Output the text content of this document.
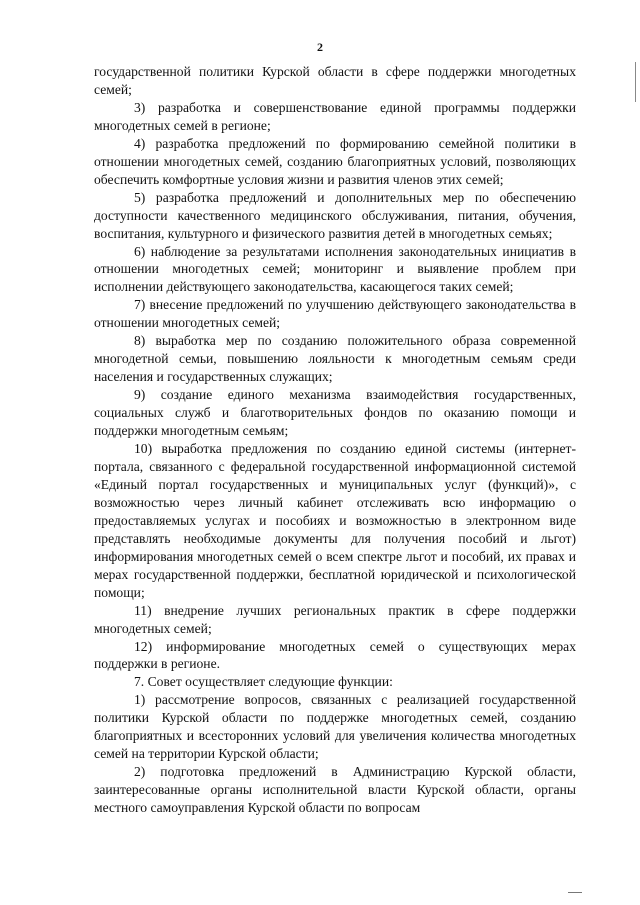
2

государственной политики Курской области в сфере поддержки многодетных семей;

3) разработка и совершенствование единой программы поддержки многодетных семей в регионе;

4) разработка предложений по формированию семейной политики в отношении многодетных семей, созданию благоприятных условий, позволяющих обеспечить комфортные условия жизни и развития членов этих семей;

5) разработка предложений и дополнительных мер по обеспечению доступности качественного медицинского обслуживания, питания, обучения, воспитания, культурного и физического развития детей в многодетных семьях;

6) наблюдение за результатами исполнения законодательных инициатив в отношении многодетных семей; мониторинг и выявление проблем при исполнении действующего законодательства, касающегося таких семей;

7) внесение предложений по улучшению действующего законодательства в отношении многодетных семей;

8) выработка мер по созданию положительного образа современной многодетной семьи, повышению лояльности к многодетным семьям среди населения и государственных служащих;

9) создание единого механизма взаимодействия государственных, социальных служб и благотворительных фондов по оказанию помощи и поддержки многодетным семьям;

10) выработка предложения по созданию единой системы (интернет-портала, связанного с федеральной государственной информационной системой «Единый портал государственных и муниципальных услуг (функций)», с возможностью через личный кабинет отслеживать всю информацию о предоставляемых услугах и пособиях и возможностью в электронном виде представлять необходимые документы для получения пособий и льгот) информирования многодетных семей о всем спектре льгот и пособий, их правах и мерах государственной поддержки, бесплатной юридической и психологической помощи;

11) внедрение лучших региональных практик в сфере поддержки многодетных семей;

12) информирование многодетных семей о существующих мерах поддержки в регионе.

7. Совет осуществляет следующие функции:

1) рассмотрение вопросов, связанных с реализацией государственной политики Курской области по поддержке многодетных семей, созданию благоприятных и всесторонних условий для увеличения количества многодетных семей на территории Курской области;

2) подготовка предложений в Администрацию Курской области, заинтересованные органы исполнительной власти Курской области, органы местного самоуправления Курской области по вопросам
